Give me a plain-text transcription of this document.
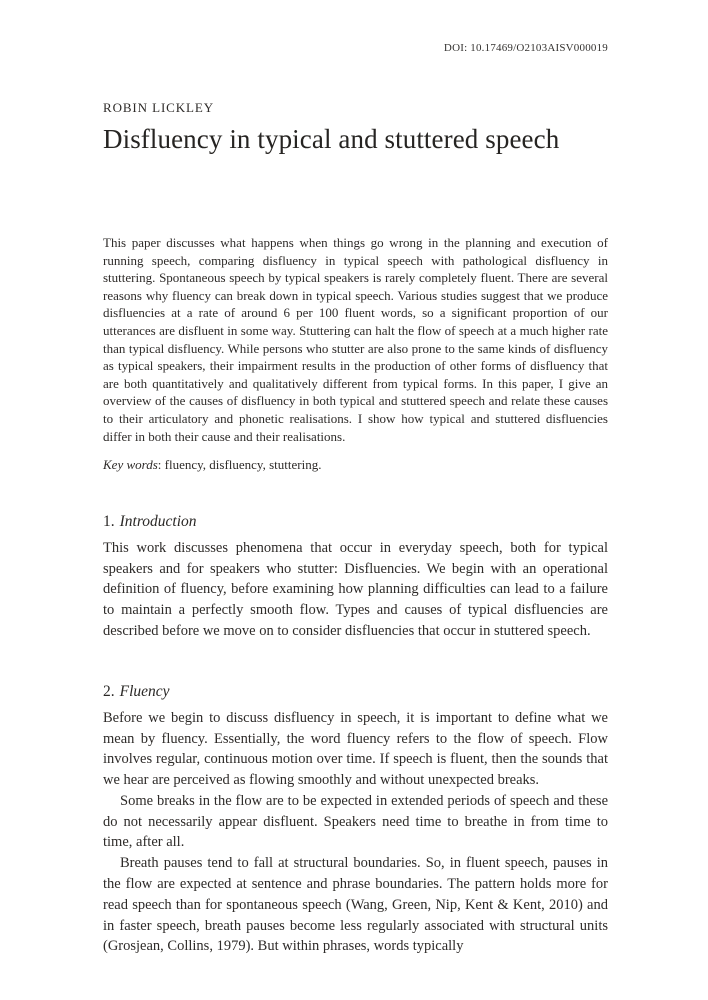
DOI: 10.17469/O2103AISV000019
ROBIN LICKLEY
Disfluency in typical and stuttered speech
This paper discusses what happens when things go wrong in the planning and execution of running speech, comparing disfluency in typical speech with pathological disfluency in stuttering. Spontaneous speech by typical speakers is rarely completely fluent. There are several reasons why fluency can break down in typical speech. Various studies suggest that we produce disfluencies at a rate of around 6 per 100 fluent words, so a significant proportion of our utterances are disfluent in some way. Stuttering can halt the flow of speech at a much higher rate than typical disfluency. While persons who stutter are also prone to the same kinds of disfluency as typical speakers, their impairment results in the production of other forms of disfluency that are both quantitatively and qualitatively different from typical forms. In this paper, I give an overview of the causes of disfluency in both typical and stuttered speech and relate these causes to their articulatory and phonetic realisations. I show how typical and stuttered disfluencies differ in both their cause and their realisations.
Key words: fluency, disfluency, stuttering.
1. Introduction

This work discusses phenomena that occur in everyday speech, both for typical speakers and for speakers who stutter: Disfluencies. We begin with an operational definition of fluency, before examining how planning difficulties can lead to a failure to maintain a perfectly smooth flow. Types and causes of typical disfluencies are described before we move on to consider disfluencies that occur in stuttered speech.

2. Fluency

Before we begin to discuss disfluency in speech, it is important to define what we mean by fluency. Essentially, the word fluency refers to the flow of speech. Flow involves regular, continuous motion over time. If speech is fluent, then the sounds that we hear are perceived as flowing smoothly and without unexpected breaks.

Some breaks in the flow are to be expected in extended periods of speech and these do not necessarily appear disfluent. Speakers need time to breathe in from time to time, after all.

Breath pauses tend to fall at structural boundaries. So, in fluent speech, pauses in the flow are expected at sentence and phrase boundaries. The pattern holds more for read speech than for spontaneous speech (Wang, Green, Nip, Kent & Kent, 2010) and in faster speech, breath pauses become less regularly associated with structural units (Grosjean, Collins, 1979). But within phrases, words typically
